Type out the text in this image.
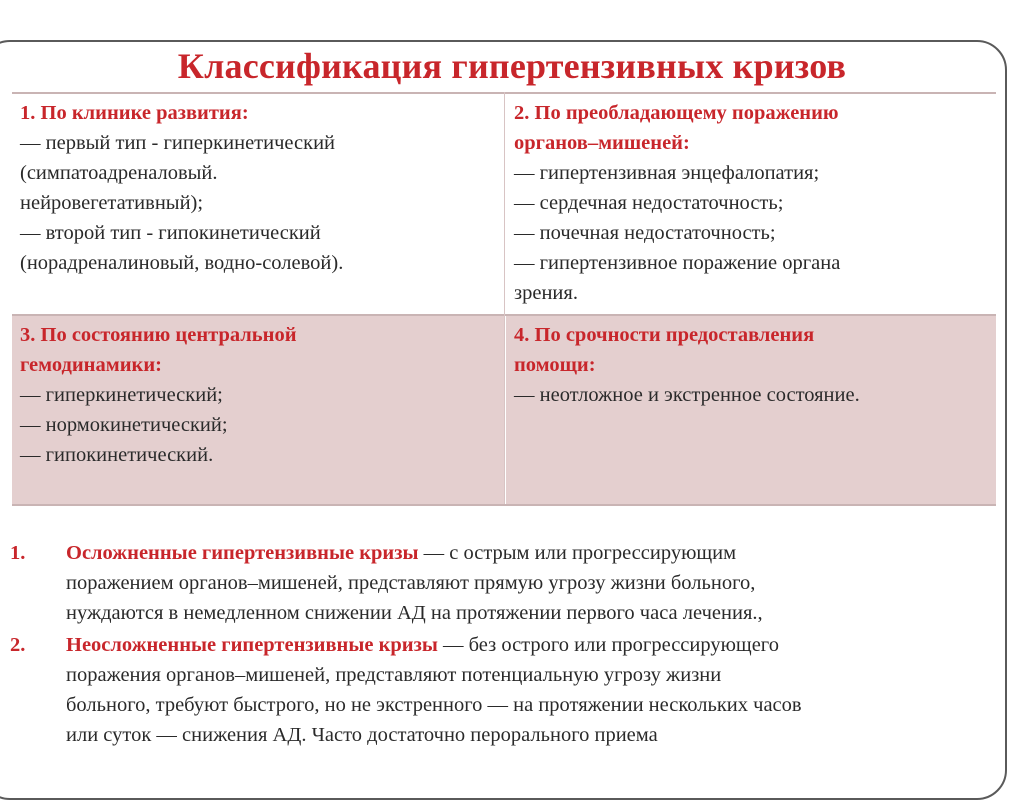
Классификация гипертензивных кризов
1. По клинике развития:
— первый тип - гиперкинетический
(симпатоадреналовый.
нейровегетативный);
— второй тип - гипокинетический
(норадреналиновый, водно-солевой).
2. По преобладающему поражению
органов–мишеней:
— гипертензивная энцефалопатия;
— сердечная недостаточность;
— почечная недостаточность;
— гипертензивное поражение органа
зрения.
3. По состоянию центральной
гемодинамики:
— гиперкинетический;
— нормокинетический;
— гипокинетический.
4. По срочности предоставления
помощи:
— неотложное и экстренное состояние.
1. Осложненные гипертензивные кризы — с острым или прогрессирующим
поражением органов–мишеней, представляют прямую угрозу жизни больного,
нуждаются в немедленном снижении АД на протяжении первого часа лечения.,
2. Неосложненные гипертензивные кризы — без острого или прогрессирующего
поражения органов–мишеней, представляют потенциальную угрозу жизни
больного, требуют быстрого, но не экстренного — на протяжении нескольких часов
или суток — снижения АД. Часто достаточно перорального приема
